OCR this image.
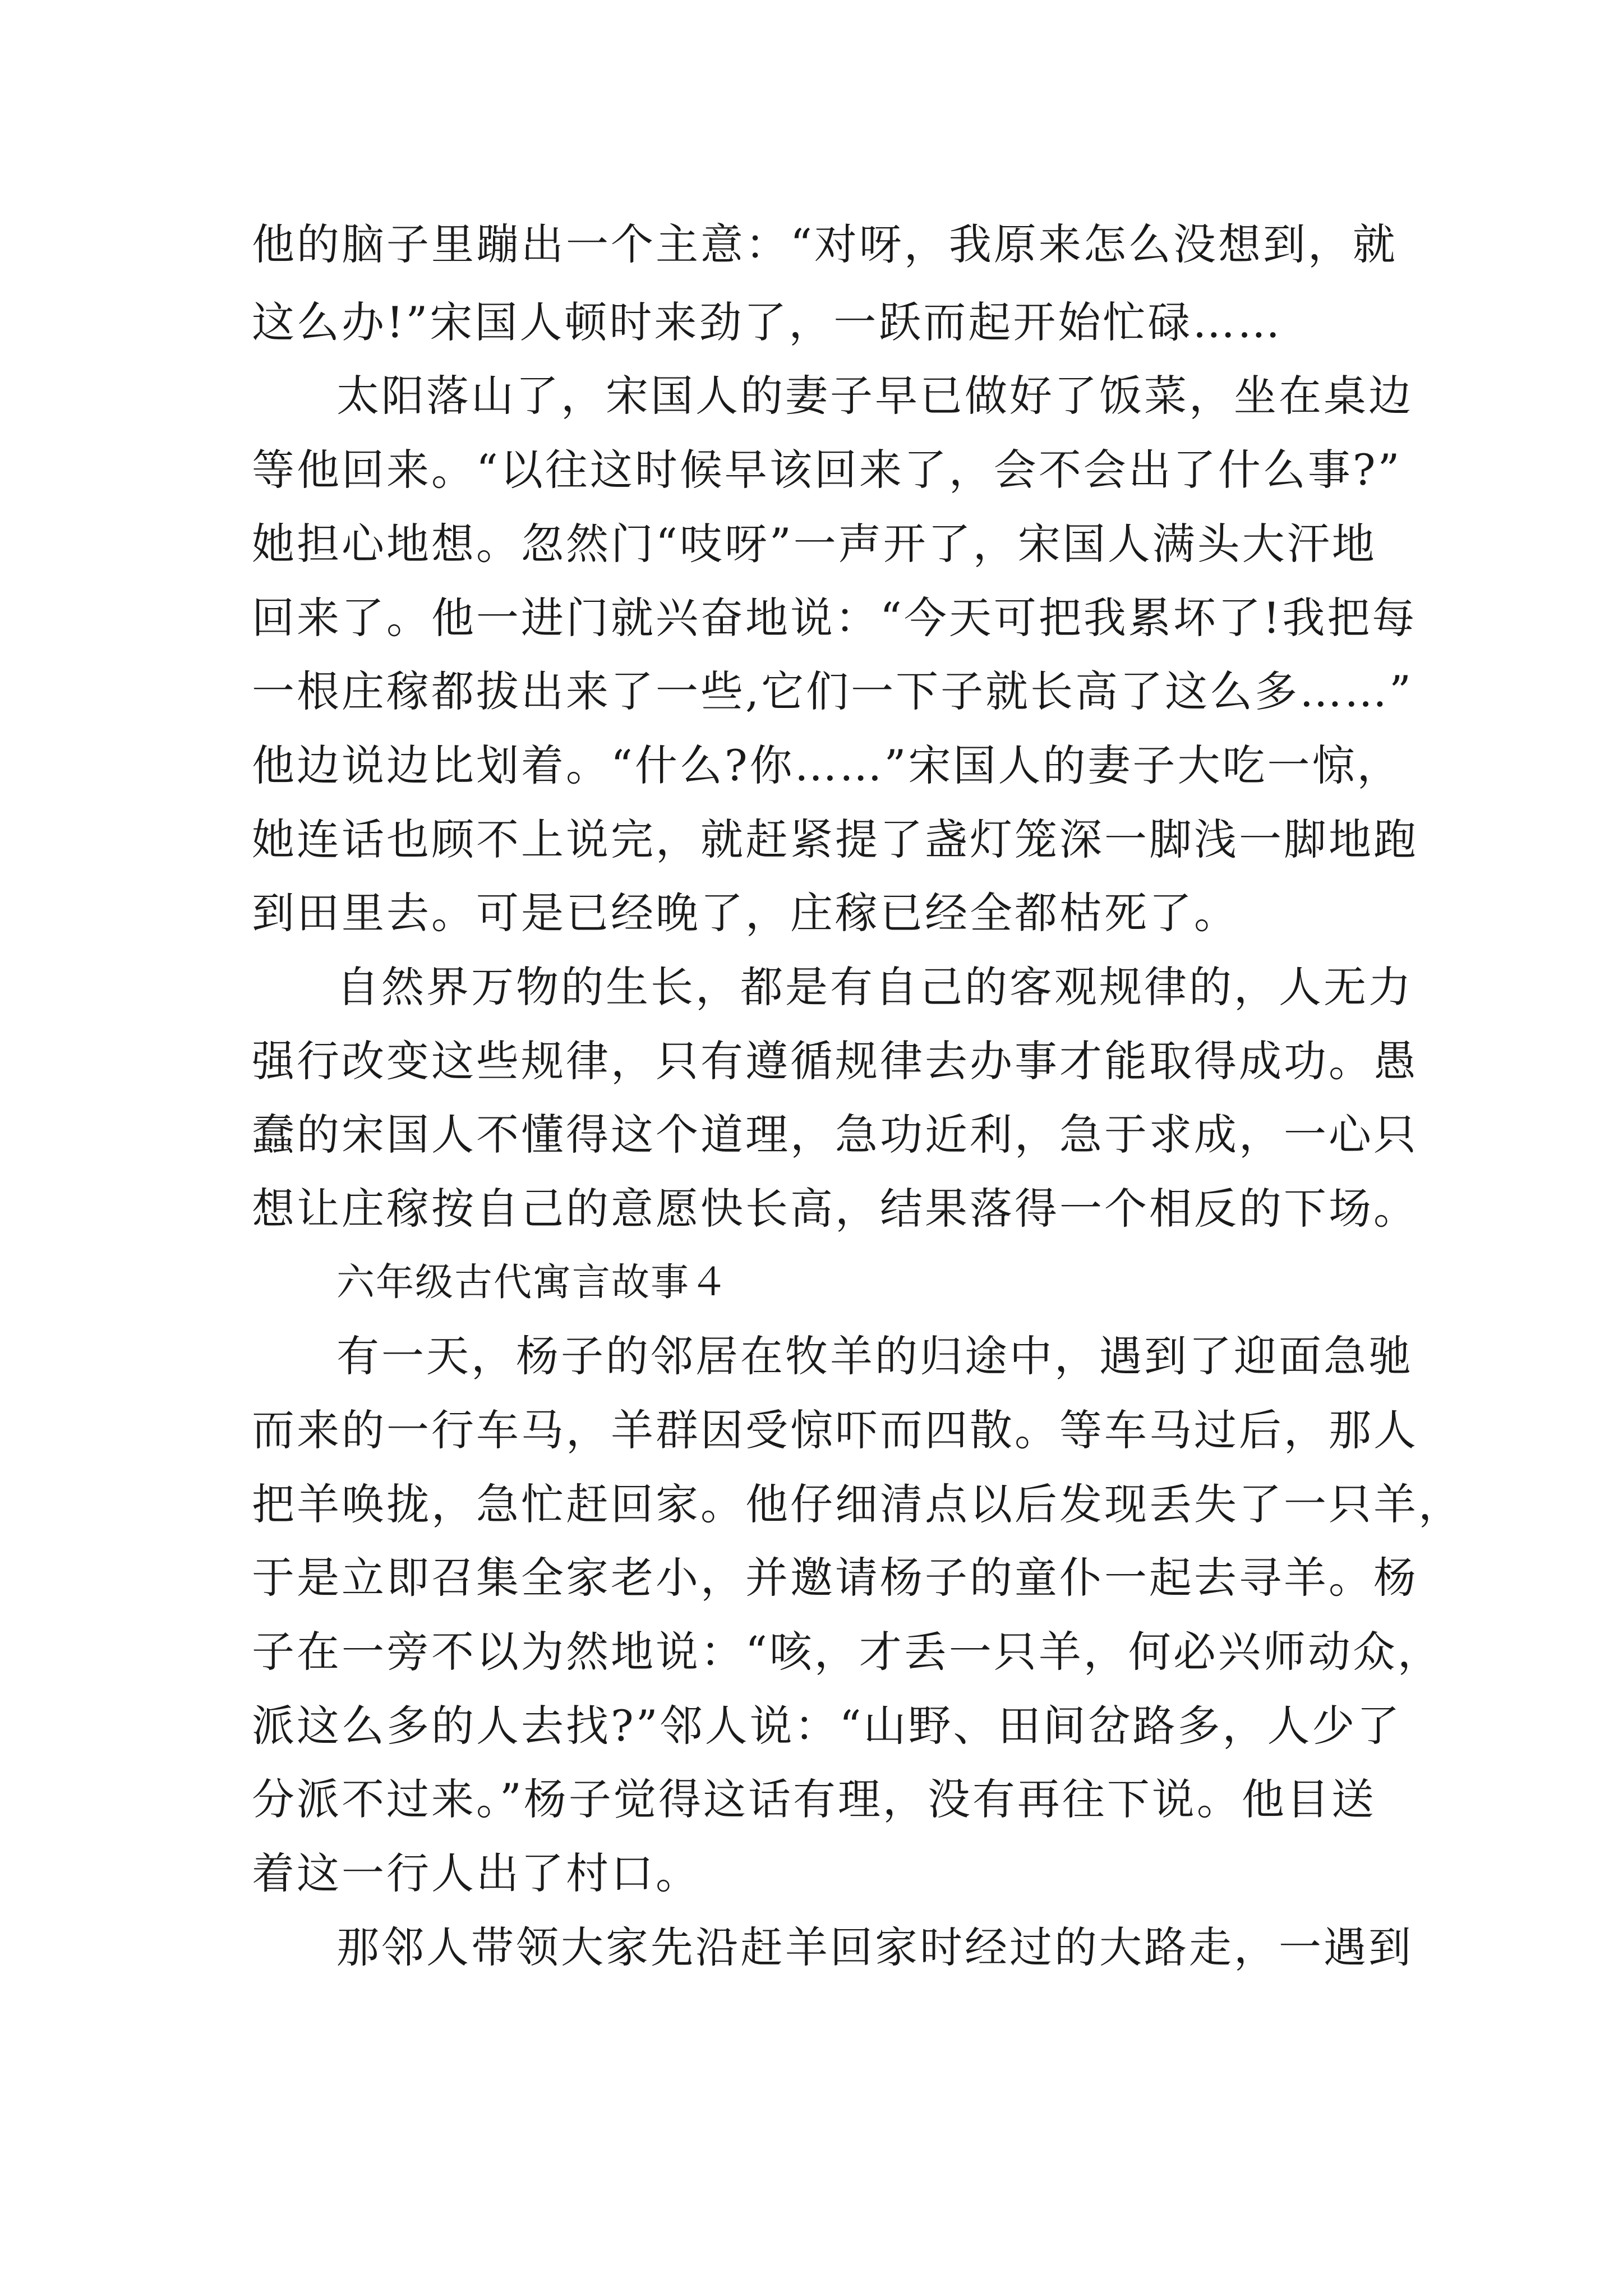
他的脑子里蹦出一个主意：“对呀，我原来怎么没想到，就

这么办!”宋国人顿时来劲了，一跃而起开始忙碌……

太阳落山了，宋国人的妻子早已做好了饭菜，坐在桌边

等他回来。“以往这时候早该回来了，会不会出了什么事?”

她担心地想。忽然门“吱呀”一声开了，宋国人满头大汗地

回来了。他一进门就兴奋地说：“今天可把我累坏了!我把每

一根庄稼都拔出来了一些,它们一下子就长高了这么多……”

他边说边比划着。“什么?你……”宋国人的妻子大吃一惊，

她连话也顾不上说完，就赶紧提了盏灯笼深一脚浅一脚地跑

到田里去。可是已经晚了，庄稼已经全都枯死了。

自然界万物的生长，都是有自己的客观规律的，人无力

强行改变这些规律，只有遵循规律去办事才能取得成功。愚

蠢的宋国人不懂得这个道理，急功近利，急于求成，一心只

想让庄稼按自己的意愿快长高，结果落得一个相反的下场。

六年级古代寓言故事４

有一天，杨子的邻居在牧羊的归途中，遇到了迎面急驰

而来的一行车马，羊群因受惊吓而四散。等车马过后，那人

把羊唤拢，急忙赶回家。他仔细清点以后发现丢失了一只羊，

于是立即召集全家老小，并邀请杨子的童仆一起去寻羊。杨

子在一旁不以为然地说：“咳，才丢一只羊，何必兴师动众，

派这么多的人去找?”邻人说：“山野、田间岔路多，人少了

分派不过来。”杨子觉得这话有理，没有再往下说。他目送

着这一行人出了村口。

那邻人带领大家先沿赶羊回家时经过的大路走，一遇到
